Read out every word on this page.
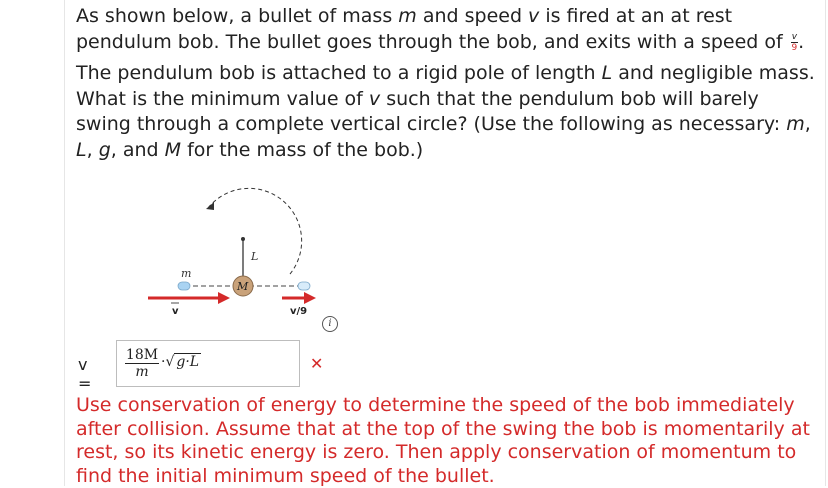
As shown below, a bullet of mass m and speed v is fired at an at rest pendulum bob. The bullet goes through the bob, and exits with a speed of $\frac{v}{9}$ .

The pendulum bob is attached to a rigid pole of length L and negligible mass. What is the minimum value of v such that the pendulum bob will barely swing through a complete vertical circle? (Use the following as necessary: m, L, g, and M for the mass of the bob.)

L
m
M
v	v/9
i
v =
$\frac{18M}{m}$ ·√ g·L	✕

Use conservation of energy to determine the speed of the bob immediately after collision. Assume that at the top of the swing the bob is momentarily at rest, so its kinetic energy is zero. Then apply conservation of momentum to find the initial minimum speed of the bullet.
